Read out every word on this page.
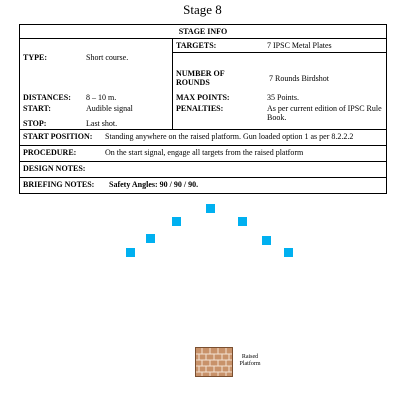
Stage 8
STAGE INFO
TYPE:	Short course.
DISTANCES: 8 – 10 m.
START:	Audible signal
STOP:	Last shot.
TARGETS:	7 IPSC Metal Plates
NUMBER OF ROUNDS	7 Rounds Birdshot
MAX POINTS:	35 Points.
PENALTIES:	As per current edition of IPSC Rule Book.
START POSITION: Standing anywhere on the raised platform. Gun loaded option 1 as per 8.2.2.2
PROCEDURE:	On the start signal, engage all targets from the raised platform
DESIGN NOTES:
BRIEFING NOTES: Safety Angles: 90 / 90 / 90.
Raised Platform
